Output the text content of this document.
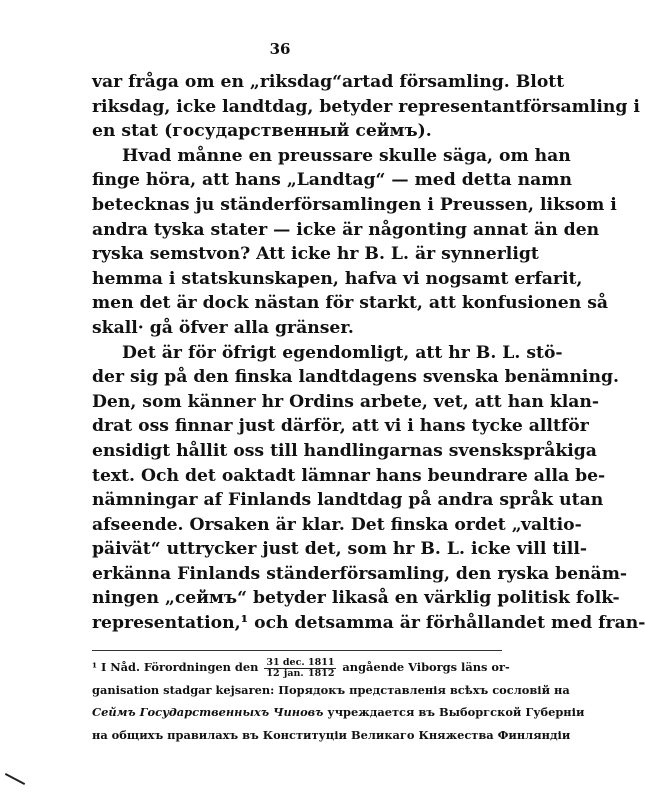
36
var fråga om en „riksdag“artad församling. Blott
riksdag, icke landtdag, betyder representantförsamling i
en stat (государственный сеймъ).
Hvad månne en preussare skulle säga, om han
finge höra, att hans „Landtag“ — med detta namn
betecknas ju ständerförsamlingen i Preussen, liksom i
andra tyska stater — icke är någonting annat än den
ryska semstvon? Att icke hr B. L. är synnerligt
hemma i statskunskapen, hafva vi nogsamt erfarit,
men det är dock nästan för starkt, att konfusionen så
skall· gå öfver alla gränser.
Det är för öfrigt egendomligt, att hr B. L. stö-
der sig på den finska landtdagens svenska benämning.
Den, som känner hr Ordins arbete, vet, att han klan-
drat oss finnar just därför, att vi i hans tycke alltför
ensidigt hållit oss till handlingarnas svenskspråkiga
text. Och det oaktadt lämnar hans beundrare alla be-
nämningar af Finlands landtdag på andra språk utan
afseende. Orsaken är klar. Det finska ordet „valtio-
päivät“ uttrycker just det, som hr B. L. icke vill till-
erkänna Finlands ständerförsamling, den ryska benäm-
ningen „сеймъ“ betyder likaså en värklig politisk folk-
representation,¹ och detsamma är förhållandet med fran-
¹ I Nåd. Förordningen den $\frac{\text{31 dec. 1811}}{\text{12 jan. 1812}}$ angående Viborgs läns or-
ganisation stadgar kejsaren: Порядокъ представленія всѣхъ сословій на
Сеймъ Государственныхъ Чиновъ учреждается въ Выборгской Губерніи
на общихъ правилахъ въ Конституціи Великаго Княжества Финляндіи
